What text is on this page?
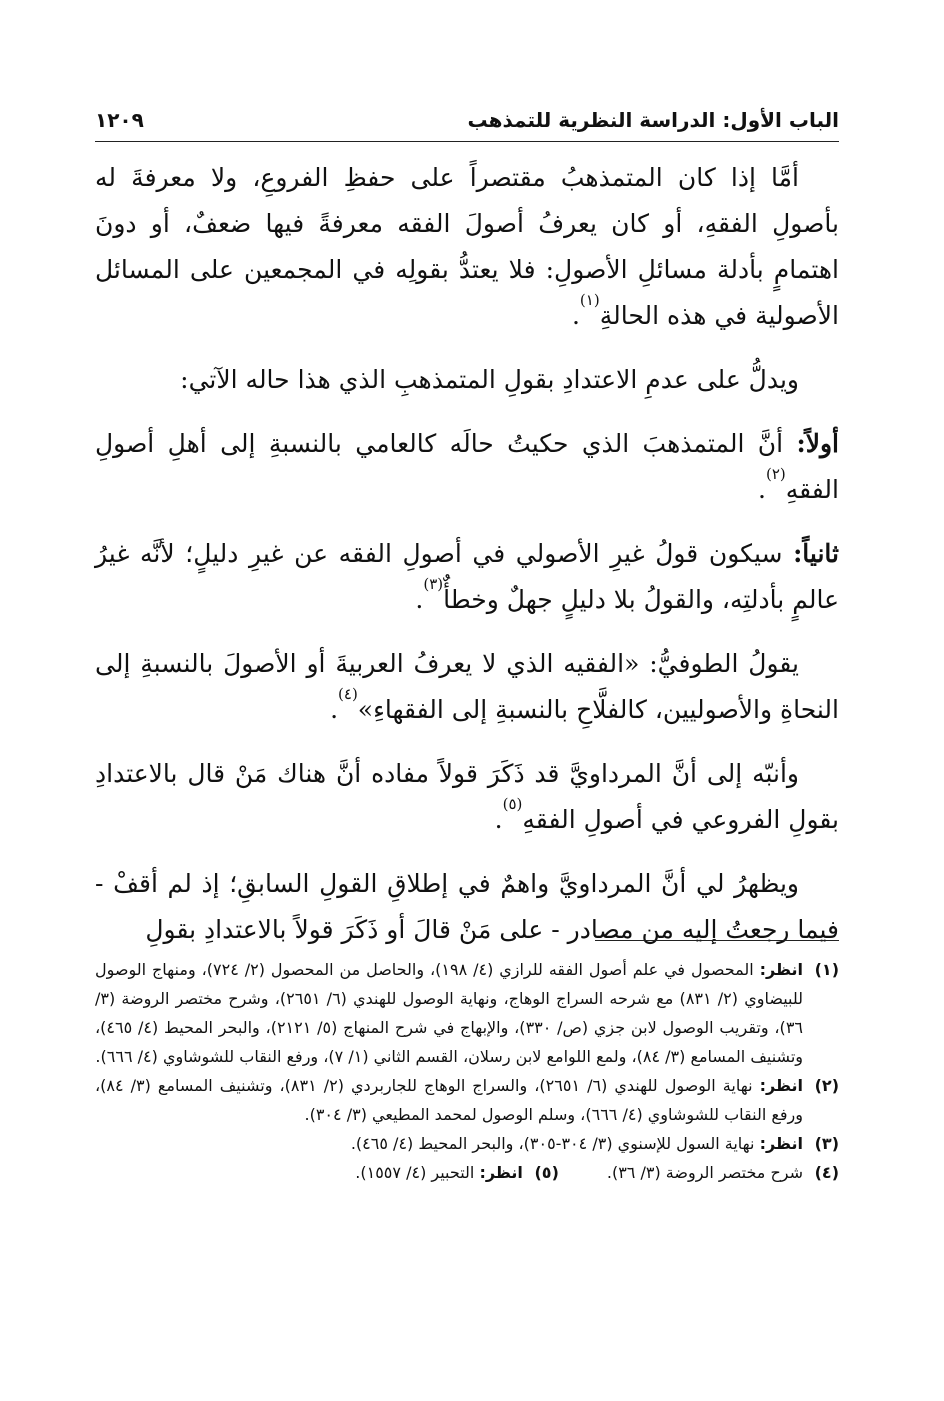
الباب الأول: الدراسة النظرية للتمذهب
١٢٠٩

أمَّا إذا كان المتمذهبُ مقتصراً على حفظِ الفروعِ، ولا معرفةَ له بأصولِ الفقهِ، أو كان يعرفُ أصولَ الفقه معرفةً فيها ضعفٌ، أو دونَ اهتمامٍ بأدلة مسائلِ الأصولِ: فلا يعتدُّ بقولِه في المجمعين على المسائل الأصولية في هذه الحالةِ$^{(١)}$.

ويدلُّ على عدمِ الاعتدادِ بقولِ المتمذهبِ الذي هذا حاله الآتي:

أولاً: أنَّ المتمذهبَ الذي حكيتُ حالَه كالعامي بالنسبةِ إلى أهلِ أصولِ الفقهِ$^{(٢)}$.

ثانياً: سيكون قولُ غيرِ الأصولي في أصولِ الفقه عن غيرِ دليلٍ؛ لأنَّه غيرُ عالمٍ بأدلتِه، والقولُ بلا دليلٍ جهلٌ وخطأٌ$^{(٣)}$.

يقولُ الطوفيُّ: «الفقيه الذي لا يعرفُ العربيةَ أو الأصولَ بالنسبةِ إلى النحاةِ والأصوليين، كالفلَّاحِ بالنسبةِ إلى الفقهاءِ»$^{(٤)}$.

وأنبّه إلى أنَّ المرداويَّ قد ذَكَرَ قولاً مفاده أنَّ هناك مَنْ قال بالاعتدادِ بقولِ الفروعي في أصولِ الفقهِ$^{(٥)}$.

ويظهرُ لي أنَّ المرداويَّ واهمٌ في إطلاقِ القولِ السابقِ؛ إذ لم أقفْ - فيما رجعتُ إليه من مصادر - على مَنْ قالَ أو ذَكَرَ قولاً بالاعتدادِ بقولِ

(١)
انظر: المحصول في علم أصول الفقه للرازي (٤/ ١٩٨)، والحاصل من المحصول (٢/ ٧٢٤)، ومنهاج الوصول للبيضاوي (٢/ ٨٣١) مع شرحه السراج الوهاج، ونهاية الوصول للهندي (٦/ ٢٦٥١)، وشرح مختصر الروضة (٣/ ٣٦)، وتقريب الوصول لابن جزي (ص/ ٣٣٠)، والإبهاج في شرح المنهاج (٥/ ٢١٢١)، والبحر المحيط (٤/ ٤٦٥)، وتشنيف المسامع (٣/ ٨٤)، ولمع اللوامع لابن رسلان، القسم الثاني (١/ ٧)، ورفع النقاب للشوشاوي (٤/ ٦٦٦).
(٢)
انظر: نهاية الوصول للهندي (٦/ ٢٦٥١)، والسراج الوهاج للجاربردي (٢/ ٨٣١)، وتشنيف المسامع (٣/ ٨٤)، ورفع النقاب للشوشاوي (٤/ ٦٦٦)، وسلم الوصول لمحمد المطيعي (٣/ ٣٠٤).
(٣)
انظر: نهاية السول للإسنوي (٣/ ٣٠٤-٣٠٥)، والبحر المحيط (٤/ ٤٦٥).
(٤)
شرح مختصر الروضة (٣/ ٣٦).
(٥)
انظر: التحبير (٤/ ١٥٥٧).
